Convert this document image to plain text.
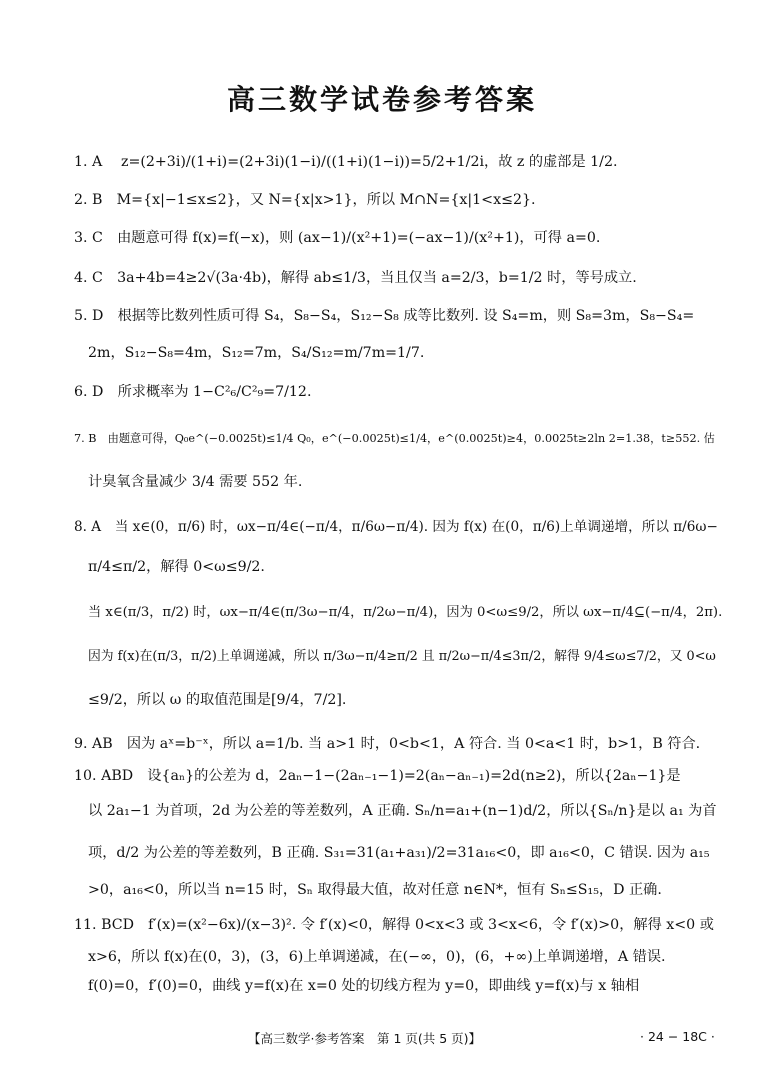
高三数学试卷参考答案
1. A　 z=(2+3i)/(1+i)=(2+3i)(1−i)/((1+i)(1−i))=5/2+1/2i，故 z 的虚部是 1/2.
2. B　M={x|−1≤x≤2}，又 N={x|x>1}，所以 M∩N={x|1<x≤2}.
3. C　由题意可得 f(x)=f(−x)，则 (ax−1)/(x²+1)=(−ax−1)/(x²+1)，可得 a=0.
4. C　3a+4b=4≥2√(3a·4b)，解得 ab≤1/3，当且仅当 a=2/3，b=1/2 时，等号成立.
5. D　根据等比数列性质可得 S₄，S₈−S₄，S₁₂−S₈ 成等比数列. 设 S₄=m，则 S₈=3m，S₈−S₄=
2m，S₁₂−S₈=4m，S₁₂=7m，S₄/S₁₂=m/7m=1/7.
6. D　所求概率为 1−C²₆/C²₉=7/12.
7. B　由题意可得，Q₀e^(−0.0025t)≤1/4 Q₀，e^(−0.0025t)≤1/4，e^(0.0025t)≥4，0.0025t≥2ln 2=1.38，t≥552. 估
计臭氧含量减少 3/4 需要 552 年.
8. A　当 x∈(0，π/6) 时，ωx−π/4∈(−π/4，π/6ω−π/4). 因为 f(x) 在(0，π/6)上单调递增，所以 π/6ω−
π/4≤π/2，解得 0<ω≤9/2.
当 x∈(π/3，π/2) 时，ωx−π/4∈(π/3ω−π/4，π/2ω−π/4)，因为 0<ω≤9/2，所以 ωx−π/4⊆(−π/4，2π).
因为 f(x)在(π/3，π/2)上单调递减，所以 π/3ω−π/4≥π/2 且 π/2ω−π/4≤3π/2，解得 9/4≤ω≤7/2，又 0<ω
≤9/2，所以 ω 的取值范围是[9/4，7/2].
9. AB　因为 aˣ=b⁻ˣ，所以 a=1/b. 当 a>1 时，0<b<1，A 符合. 当 0<a<1 时，b>1，B 符合.
10. ABD　设{aₙ}的公差为 d，2aₙ−1−(2aₙ₋₁−1)=2(aₙ−aₙ₋₁)=2d(n≥2)，所以{2aₙ−1}是
以 2a₁−1 为首项，2d 为公差的等差数列，A 正确. Sₙ/n=a₁+(n−1)d/2，所以{Sₙ/n}是以 a₁ 为首
项，d/2 为公差的等差数列，B 正确. S₃₁=31(a₁+a₃₁)/2=31a₁₆<0，即 a₁₆<0，C 错误. 因为 a₁₅
>0，a₁₆<0，所以当 n=15 时，Sₙ 取得最大值，故对任意 n∈N*，恒有 Sₙ≤S₁₅，D 正确.
11. BCD　f′(x)=(x²−6x)/(x−3)². 令 f′(x)<0，解得 0<x<3 或 3<x<6，令 f′(x)>0，解得 x<0 或
x>6，所以 f(x)在(0，3)，(3，6)上单调递减，在(−∞，0)，(6，+∞)上单调递增，A 错误.
f(0)=0，f′(0)=0，曲线 y=f(x)在 x=0 处的切线方程为 y=0，即曲线 y=f(x)与 x 轴相
【高三数学·参考答案　第 1 页(共 5 页)】	· 24 − 18C ·
